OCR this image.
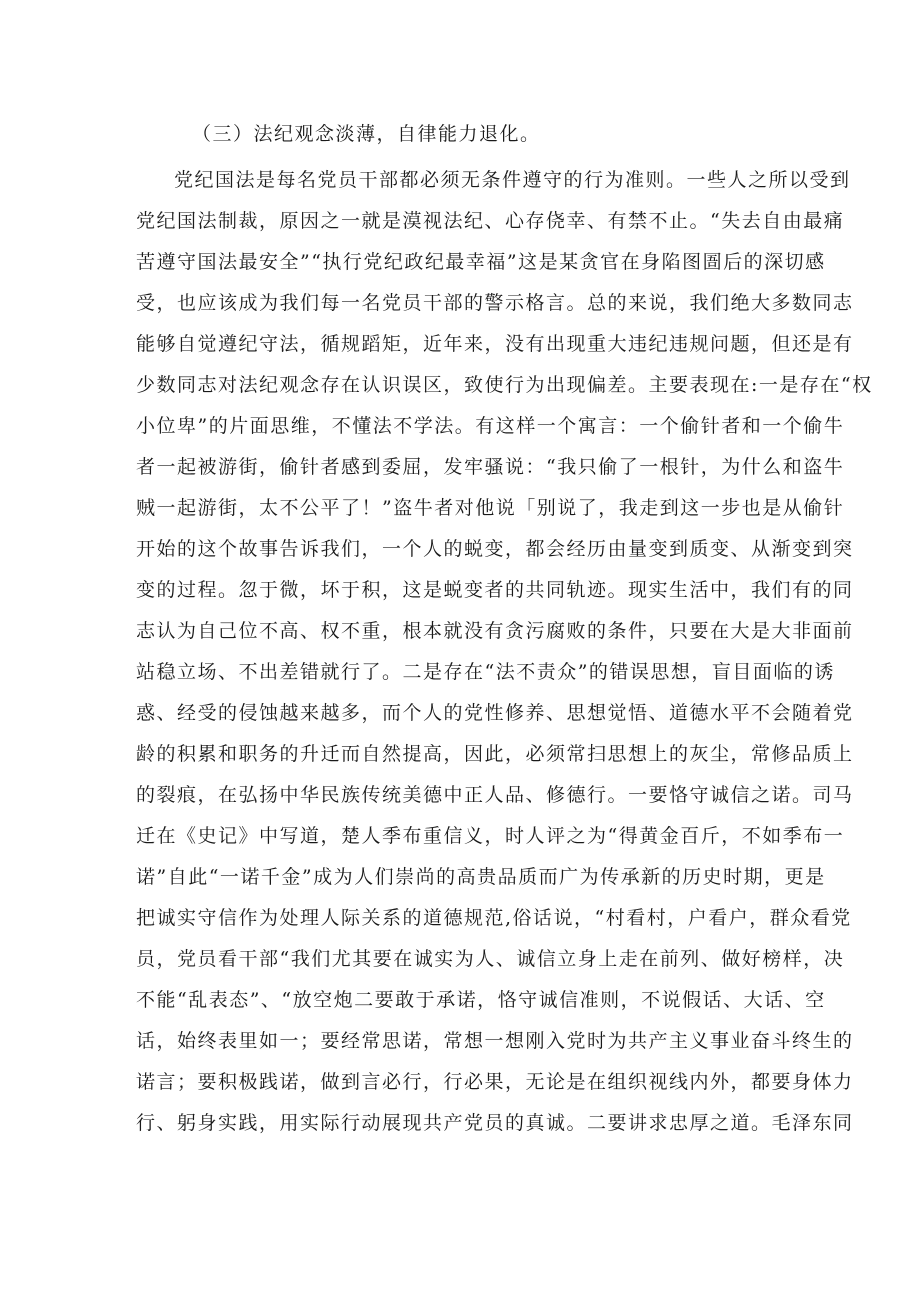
（三）法纪观念淡薄，自律能力退化。
党纪国法是每名党员干部都必须无条件遵守的行为准则。一些人之所以受到
党纪国法制裁，原因之一就是漠视法纪、心存侥幸、有禁不止。“失去自由最痛
苦遵守国法最安全”“执行党纪政纪最幸福”这是某贪官在身陷图圄后的深切感
受，也应该成为我们每一名党员干部的警示格言。总的来说，我们绝大多数同志
能够自觉遵纪守法，循规蹈矩，近年来，没有出现重大违纪违规问题，但还是有
少数同志对法纪观念存在认识误区，致使行为出现偏差。主要表现在:一是存在“权
小位卑”的片面思维，不懂法不学法。有这样一个寓言：一个偷针者和一个偷牛
者一起被游街，偷针者感到委屈，发牢骚说：“我只偷了一根针，为什么和盗牛
贼一起游街，太不公平了！”盗牛者对他说「别说了，我走到这一步也是从偷针
开始的这个故事告诉我们，一个人的蜕变，都会经历由量变到质变、从渐变到突
变的过程。忽于微，坏于积，这是蜕变者的共同轨迹。现实生活中，我们有的同
志认为自己位不高、权不重，根本就没有贪污腐败的条件，只要在大是大非面前
站稳立场、不出差错就行了。二是存在“法不责众”的错误思想，盲目面临的诱
惑、经受的侵蚀越来越多，而个人的党性修养、思想觉悟、道德水平不会随着党
龄的积累和职务的升迁而自然提高，因此，必须常扫思想上的灰尘，常修品质上
的裂痕，在弘扬中华民族传统美德中正人品、修德行。一要恪守诚信之诺。司马
迁在《史记》中写道，楚人季布重信义，时人评之为“得黄金百斤，不如季布一
诺”自此“一诺千金”成为人们崇尚的高贵品质而广为传承新的历史时期，更是
把诚实守信作为处理人际关系的道德规范,俗话说，“村看村，户看户，群众看党
员，党员看干部“我们尤其要在诚实为人、诚信立身上走在前列、做好榜样，决
不能“乱表态”、“放空炮二要敢于承诺，恪守诚信准则，不说假话、大话、空
话，始终表里如一；要经常思诺，常想一想刚入党时为共产主义事业奋斗终生的
诺言；要积极践诺，做到言必行，行必果，无论是在组织视线内外，都要身体力
行、躬身实践，用实际行动展现共产党员的真诚。二要讲求忠厚之道。毛泽东同
